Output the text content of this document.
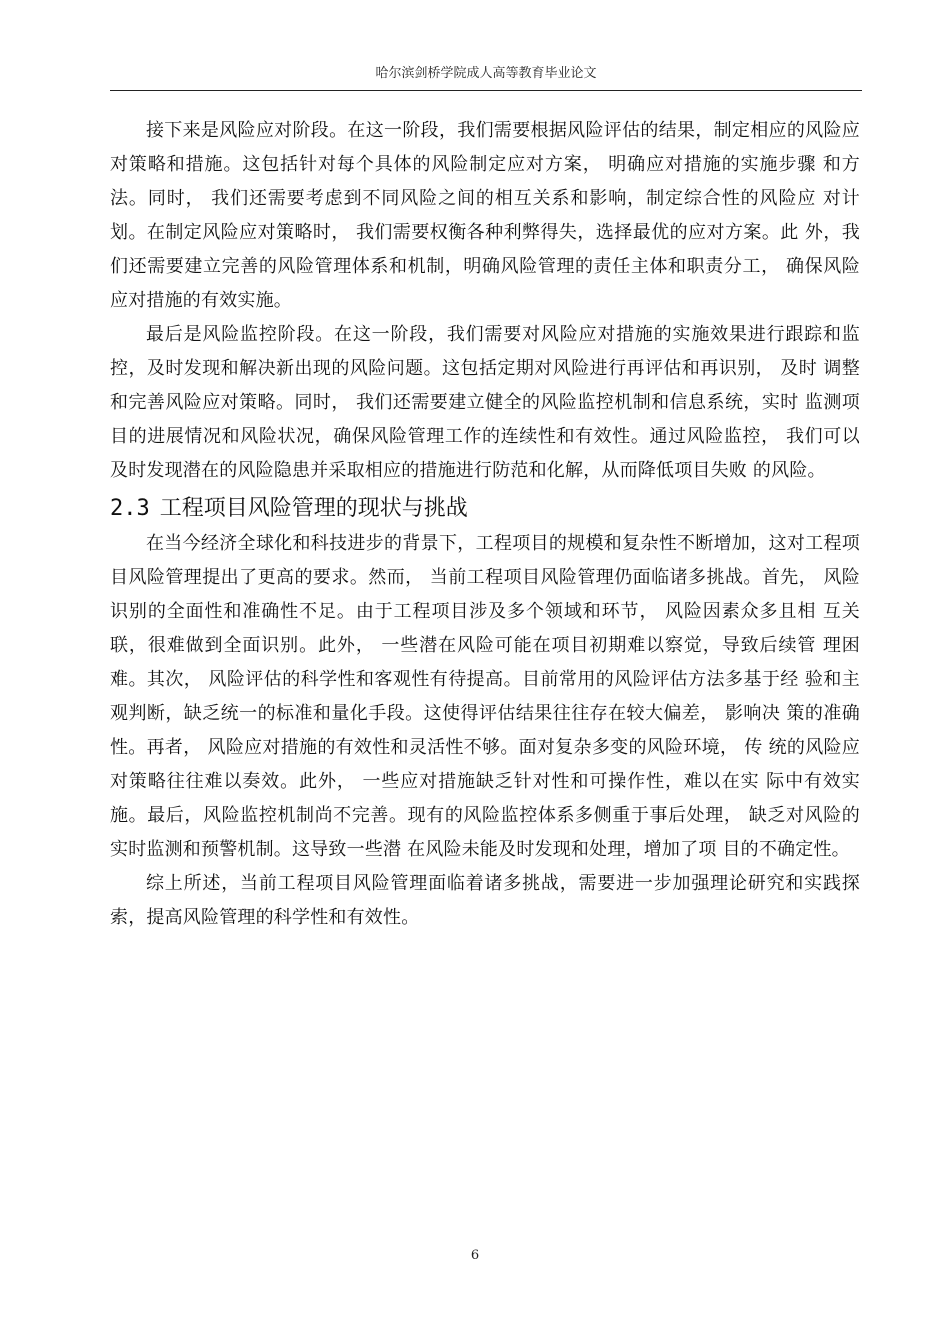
哈尔滨剑桥学院成人高等教育毕业论文

接下来是风险应对阶段。在这一阶段，我们需要根据风险评估的结果，制定相应的风险应对策略和措施。这包括针对每个具体的风险制定应对方案， 明确应对措施的实施步骤 和方法。同时， 我们还需要考虑到不同风险之间的相互关系和影响，制定综合性的风险应 对计划。在制定风险应对策略时， 我们需要权衡各种利弊得失，选择最优的应对方案。此 外，我们还需要建立完善的风险管理体系和机制，明确风险管理的责任主体和职责分工， 确保风险应对措施的有效实施。

最后是风险监控阶段。在这一阶段，我们需要对风险应对措施的实施效果进行跟踪和监控，及时发现和解决新出现的风险问题。这包括定期对风险进行再评估和再识别， 及时 调整和完善风险应对策略。同时， 我们还需要建立健全的风险监控机制和信息系统，实时 监测项目的进展情况和风险状况，确保风险管理工作的连续性和有效性。通过风险监控， 我们可以及时发现潜在的风险隐患并采取相应的措施进行防范和化解，从而降低项目失败 的风险。

2.3 工程项目风险管理的现状与挑战

在当今经济全球化和科技进步的背景下，工程项目的规模和复杂性不断增加，这对工程项目风险管理提出了更高的要求。然而， 当前工程项目风险管理仍面临诸多挑战。首先， 风险识别的全面性和准确性不足。由于工程项目涉及多个领域和环节， 风险因素众多且相 互关联，很难做到全面识别。此外， 一些潜在风险可能在项目初期难以察觉，导致后续管 理困难。其次， 风险评估的科学性和客观性有待提高。目前常用的风险评估方法多基于经 验和主观判断，缺乏统一的标准和量化手段。这使得评估结果往往存在较大偏差， 影响决 策的准确性。再者， 风险应对措施的有效性和灵活性不够。面对复杂多变的风险环境， 传 统的风险应对策略往往难以奏效。此外， 一些应对措施缺乏针对性和可操作性，难以在实 际中有效实施。最后，风险监控机制尚不完善。现有的风险监控体系多侧重于事后处理， 缺乏对风险的实时监测和预警机制。这导致一些潜 在风险未能及时发现和处理，增加了项 目的不确定性。

综上所述，当前工程项目风险管理面临着诸多挑战，需要进一步加强理论研究和实践探索，提高风险管理的科学性和有效性。

6
